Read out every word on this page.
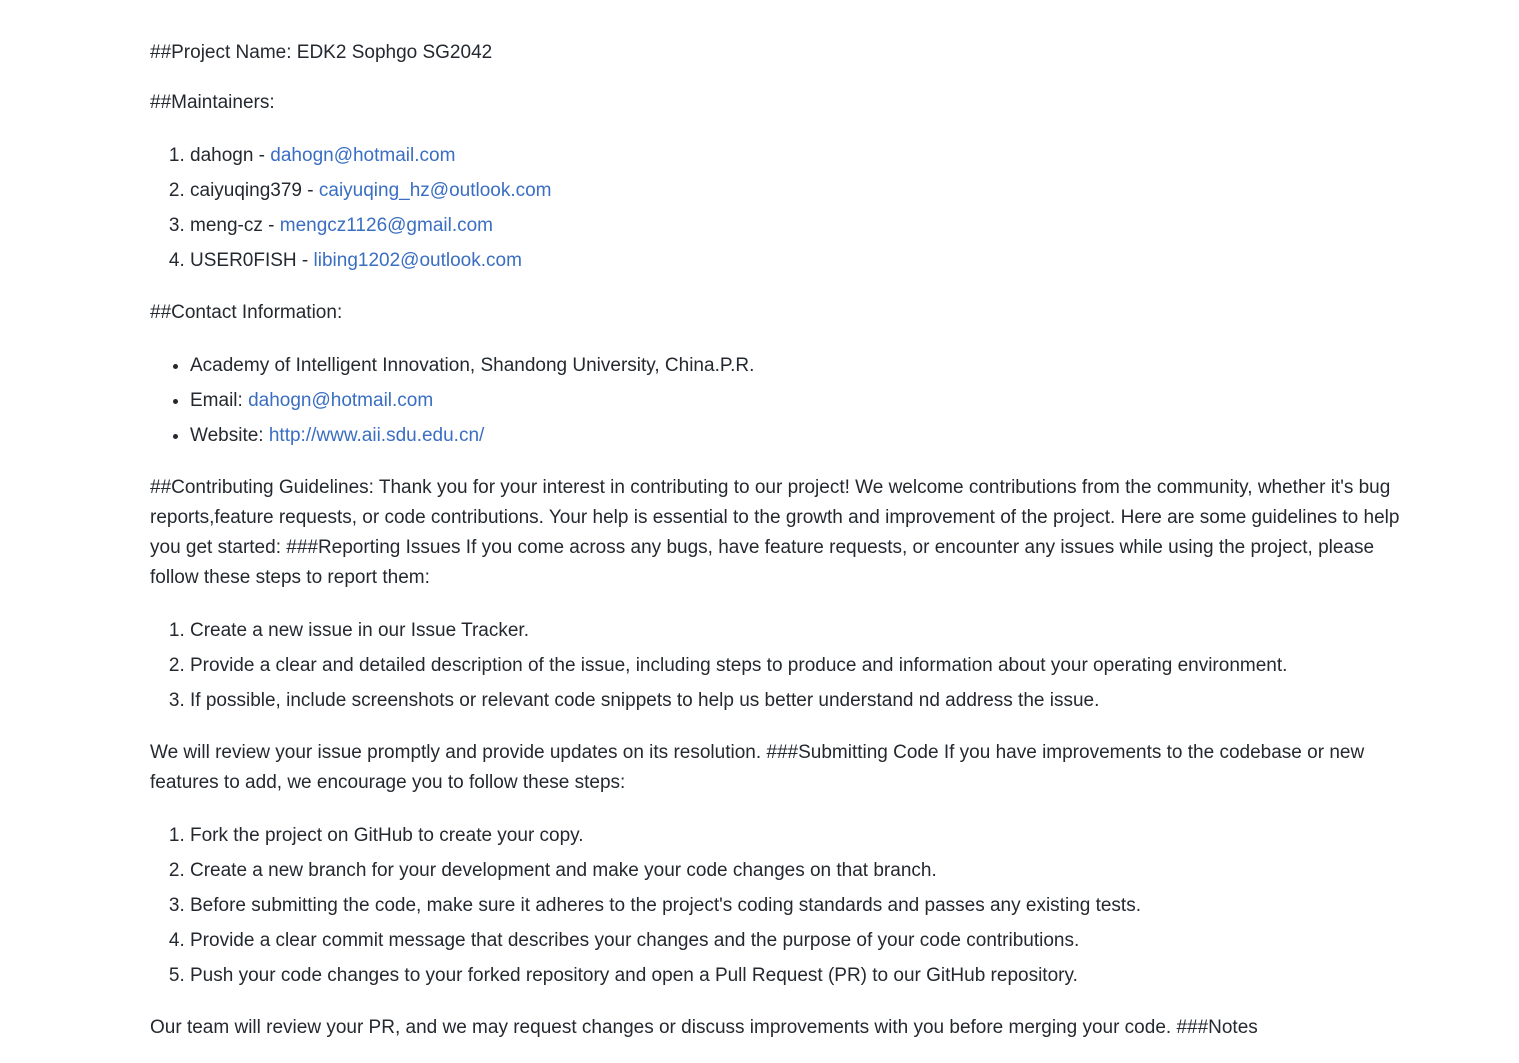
##Project Name: EDK2 Sophgo SG2042

##Maintainers:

1. dahogn - dahogn@hotmail.com
2. caiyuqing379 - caiyuqing_hz@outlook.com
3. meng-cz - mengcz1126@gmail.com
4. USER0FISH - libing1202@outlook.com

##Contact Information:

• Academy of Intelligent Innovation, Shandong University, China.P.R.
• Email: dahogn@hotmail.com
• Website: http://www.aii.sdu.edu.cn/

##Contributing Guidelines: Thank you for your interest in contributing to our project! We welcome contributions from the community, whether it's bug reports,feature requests, or code contributions. Your help is essential to the growth and improvement of the project. Here are some guidelines to help you get started: ###Reporting Issues If you come across any bugs, have feature requests, or encounter any issues while using the project, please follow these steps to report them:

1. Create a new issue in our Issue Tracker.
2. Provide a clear and detailed description of the issue, including steps to produce and information about your operating environment.
3. If possible, include screenshots or relevant code snippets to help us better understand nd address the issue.

We will review your issue promptly and provide updates on its resolution. ###Submitting Code If you have improvements to the codebase or new features to add, we encourage you to follow these steps:

1. Fork the project on GitHub to create your copy.
2. Create a new branch for your development and make your code changes on that branch.
3. Before submitting the code, make sure it adheres to the project's coding standards and passes any existing tests.
4. Provide a clear commit message that describes your changes and the purpose of your code contributions.
5. Push your code changes to your forked repository and open a Pull Request (PR) to our GitHub repository.

Our team will review your PR, and we may request changes or discuss improvements with you before merging your code. ###Notes
